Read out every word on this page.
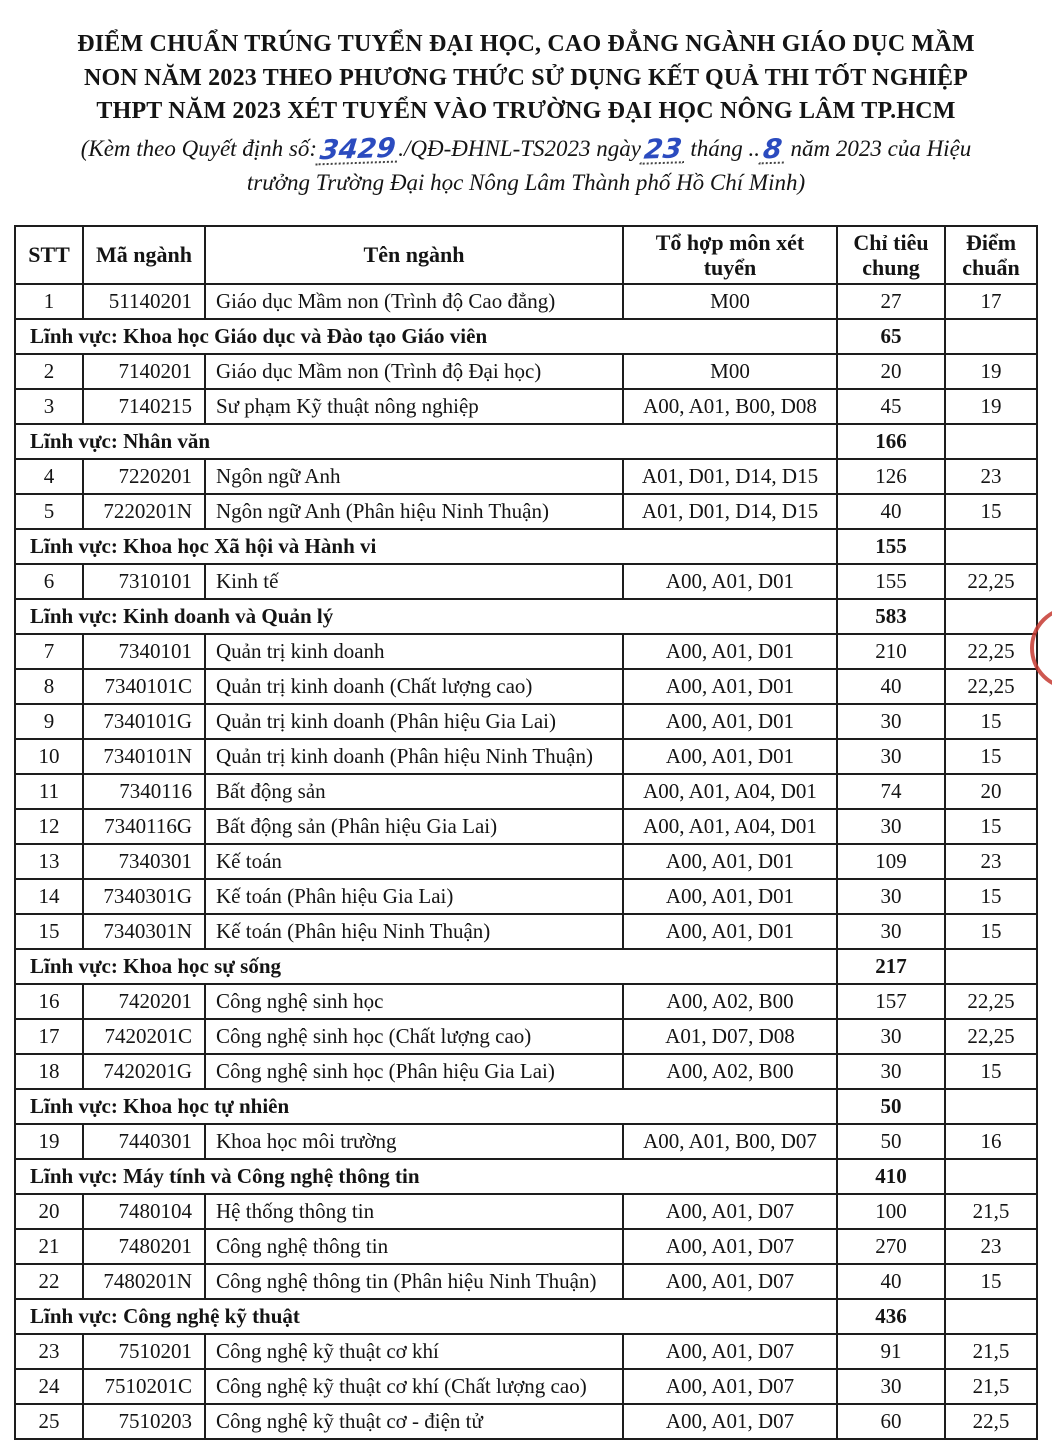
ĐIỂM CHUẨN TRÚNG TUYỂN ĐẠI HỌC, CAO ĐẲNG NGÀNH GIÁO DỤC MẦM
NON NĂM 2023 THEO PHƯƠNG THỨC SỬ DỤNG KẾT QUẢ THI TỐT NGHIỆP
THPT NĂM 2023 XÉT TUYỂN VÀO TRƯỜNG ĐẠI HỌC NÔNG LÂM TP.HCM
(Kèm theo Quyết định số:3429./QĐ-ĐHNL-TS2023 ngày23 tháng ..8 năm 2023 của Hiệu
trưởng Trường Đại học Nông Lâm Thành phố Hồ Chí Minh)
STT	Mã ngành	Tên ngành	Tổ hợp môn xét tuyển	Chỉ tiêu chung	Điểm chuẩn
1	51140201	Giáo dục Mầm non (Trình độ Cao đẳng)	M00	27	17
Lĩnh vực: Khoa học Giáo dục và Đào tạo Giáo viên				65	
2	7140201	Giáo dục Mầm non (Trình độ Đại học)	M00	20	19
3	7140215	Sư phạm Kỹ thuật nông nghiệp	A00, A01, B00, D08	45	19
Lĩnh vực: Nhân văn				166	
4	7220201	Ngôn ngữ Anh	A01, D01, D14, D15	126	23
5	7220201N	Ngôn ngữ Anh (Phân hiệu Ninh Thuận)	A01, D01, D14, D15	40	15
Lĩnh vực: Khoa học Xã hội và Hành vi				155	
6	7310101	Kinh tế	A00, A01, D01	155	22,25
Lĩnh vực: Kinh doanh và Quản lý				583	
7	7340101	Quản trị kinh doanh	A00, A01, D01	210	22,25
8	7340101C	Quản trị kinh doanh (Chất lượng cao)	A00, A01, D01	40	22,25
9	7340101G	Quản trị kinh doanh (Phân hiệu Gia Lai)	A00, A01, D01	30	15
10	7340101N	Quản trị kinh doanh (Phân hiệu Ninh Thuận)	A00, A01, D01	30	15
11	7340116	Bất động sản	A00, A01, A04, D01	74	20
12	7340116G	Bất động sản (Phân hiệu Gia Lai)	A00, A01, A04, D01	30	15
13	7340301	Kế toán	A00, A01, D01	109	23
14	7340301G	Kế toán (Phân hiệu Gia Lai)	A00, A01, D01	30	15
15	7340301N	Kế toán (Phân hiệu Ninh Thuận)	A00, A01, D01	30	15
Lĩnh vực: Khoa học sự sống				217	
16	7420201	Công nghệ sinh học	A00, A02, B00	157	22,25
17	7420201C	Công nghệ sinh học (Chất lượng cao)	A01, D07, D08	30	22,25
18	7420201G	Công nghệ sinh học (Phân hiệu Gia Lai)	A00, A02, B00	30	15
Lĩnh vực: Khoa học tự nhiên				50	
19	7440301	Khoa học môi trường	A00, A01, B00, D07	50	16
Lĩnh vực: Máy tính và Công nghệ thông tin				410	
20	7480104	Hệ thống thông tin	A00, A01, D07	100	21,5
21	7480201	Công nghệ thông tin	A00, A01, D07	270	23
22	7480201N	Công nghệ thông tin (Phân hiệu Ninh Thuận)	A00, A01, D07	40	15
Lĩnh vực: Công nghệ kỹ thuật				436	
23	7510201	Công nghệ kỹ thuật cơ khí	A00, A01, D07	91	21,5
24	7510201C	Công nghệ kỹ thuật cơ khí (Chất lượng cao)	A00, A01, D07	30	21,5
25	7510203	Công nghệ kỹ thuật cơ - điện tử	A00, A01, D07	60	22,5
